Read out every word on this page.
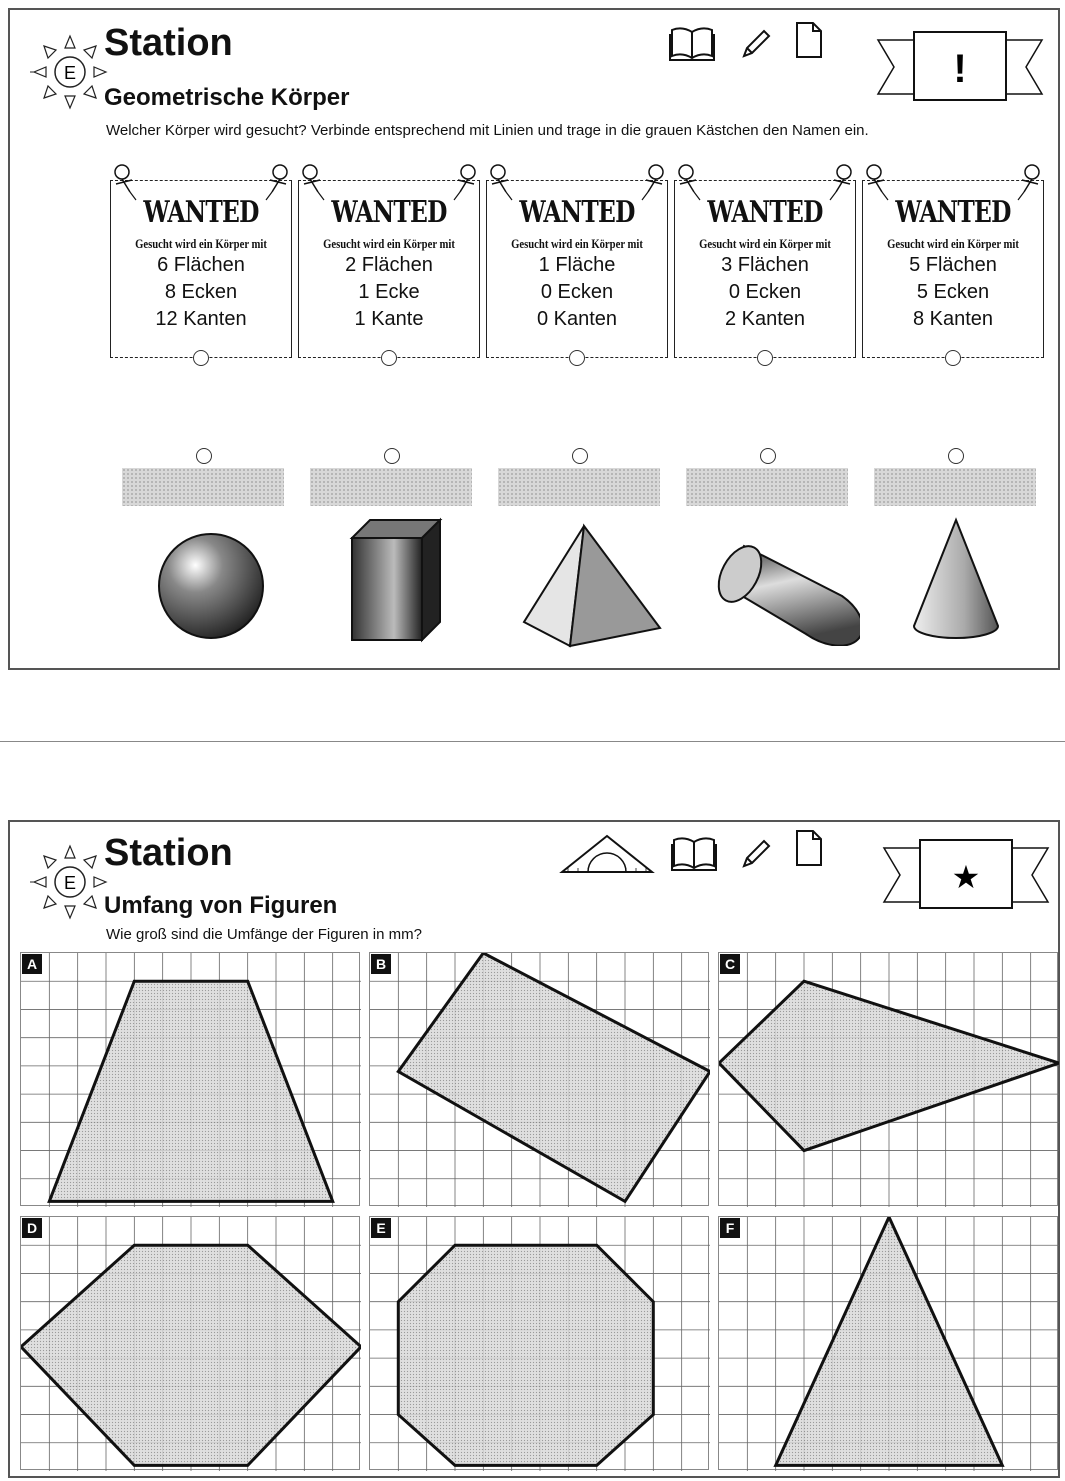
E
Station
Geometrische Körper
Welcher Körper wird gesucht? Verbinde entsprechend mit Linien und trage in die grauen Kästchen den Namen ein.
!
WANTED
Gesucht wird ein Körper mit
6 Flächen
8 Ecken
12 Kanten
WANTED
Gesucht wird ein Körper mit
2 Flächen
1 Ecke
1 Kante
WANTED
Gesucht wird ein Körper mit
1 Fläche
0 Ecken
0 Kanten
WANTED
Gesucht wird ein Körper mit
3 Flächen
0 Ecken
2 Kanten
WANTED
Gesucht wird ein Körper mit
5 Flächen
5 Ecken
8 Kanten
E
Station
Umfang von Figuren
Wie groß sind die Umfänge der Figuren in mm?
★
A	B	C
D	E	F
